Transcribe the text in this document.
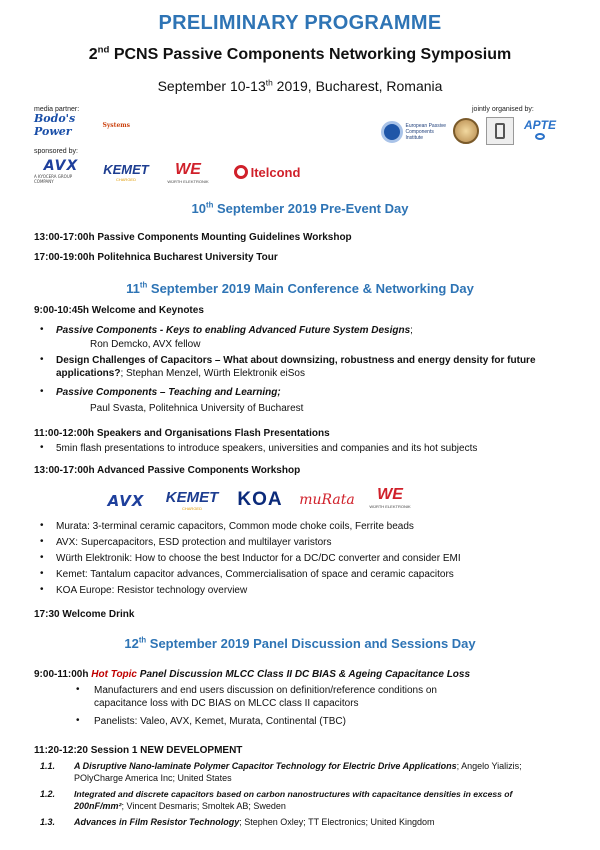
PRELIMINARY PROGRAMME
2nd PCNS Passive Components Networking Symposium
September 10-13th 2019, Bucharest, Romania
media partner:
Bodo's Power	Systems
jointly organised by:
European Passive Components Institute
APTE
sponsored by:
AVX
A KYOCERA GROUP COMPANY
KEMET
CHARGED
WE
WÜRTH ELEKTRONIK
Itelcond
10th September 2019 Pre-Event Day
13:00-17:00h Passive Components Mounting Guidelines Workshop
17:00-19:00h Politehnica Bucharest University Tour
11th September 2019 Main Conference & Networking Day
9:00-10:45h Welcome and Keynotes
• Passive Components - Keys to enabling Advanced Future System Designs;
Ron Demcko, AVX fellow
• Design Challenges of Capacitors – What about downsizing, robustness and energy density for future
applications?; Stephan Menzel, Würth Elektronik eiSos
• Passive Components – Teaching and Learning;
Paul Svasta, Politehnica University of Bucharest
11:00-12:00h Speakers and Organisations Flash Presentations
• 5min flash presentations to introduce speakers, universities and companies and its hot subjects
13:00-17:00h Advanced Passive Components Workshop
AVX	KEMET
CHARGED	KOA	muRata WE
WÜRTH ELEKTRONIK
• Murata: 3-terminal ceramic capacitors, Common mode choke coils, Ferrite beads
• AVX: Supercapacitors, ESD protection and multilayer varistors
• Würth Elektronik: How to choose the best Inductor for a DC/DC converter and consider EMI
• Kemet: Tantalum capacitor advances, Commercialisation of space and ceramic capacitors
• KOA Europe: Resistor technology overview
17:30 Welcome Drink
12th September 2019 Panel Discussion and Sessions Day
9:00-11:00h Hot Topic Panel Discussion MLCC Class II DC BIAS & Ageing Capacitance Loss
• Manufacturers and end users discussion on definition/reference conditions on
capacitance loss with DC BIAS on MLCC class II capacitors
• Panelists: Valeo, AVX, Kemet, Murata, Continental (TBC)
11:20-12:20 Session 1 NEW DEVELOPMENT
1.1. A Disruptive Nano-laminate Polymer Capacitor Technology for Electric Drive Applications; Angelo Yializis;
POlyCharge America Inc; United States
1.2. Integrated and discrete capacitors based on carbon nanostructures with capacitance densities in excess of
200nF/mm²; Vincent Desmaris; Smoltek AB; Sweden
1.3. Advances in Film Resistor Technology; Stephen Oxley; TT Electronics; United Kingdom
